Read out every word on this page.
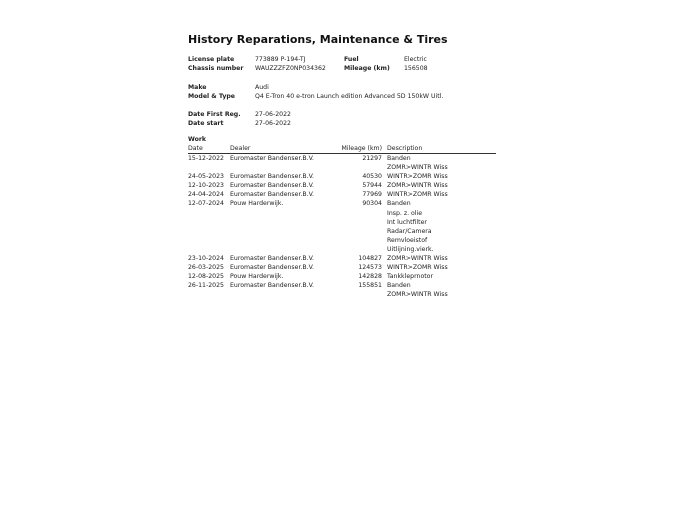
History Reparations, Maintenance & Tires
License plate	773889 P-194-TJ	Fuel	Electric
Chassis number WAUZZZFZ0NP034362	Mileage (km) 156508
Make	Audi
Model & Type	Q4 E-Tron 40 e-tron Launch edition Advanced 5D 150kW Uitl.
Date First Reg. 27-06-2022
Date start	27-06-2022
Work
Date	Dealer	Mileage (km) Description
15-12-2022 Euromaster Bandenser.B.V.	21297 Banden
ZOMR>WINTR Wiss
24-05-2023 Euromaster Bandenser.B.V.	40530 WINTR>ZOMR Wiss
12-10-2023 Euromaster Bandenser.B.V.	57944 ZOMR>WINTR Wiss
24-04-2024 Euromaster Bandenser.B.V.	77969 WINTR>ZOMR Wiss
12-07-2024 Pouw Harderwijk.	90304 Banden
Insp. z. olie
Int luchtfilter
Radar/Camera
Remvloeistof
Uitlijning.vierk.
23-10-2024 Euromaster Bandenser.B.V.	104827 ZOMR>WINTR Wiss
26-03-2025 Euromaster Bandenser.B.V.	124573 WINTR>ZOMR Wiss
12-08-2025 Pouw Harderwijk.	142828 Tankkleprnotor
26-11-2025 Euromaster Bandenser.B.V.	155851 Banden
ZOMR>WINTR Wiss
